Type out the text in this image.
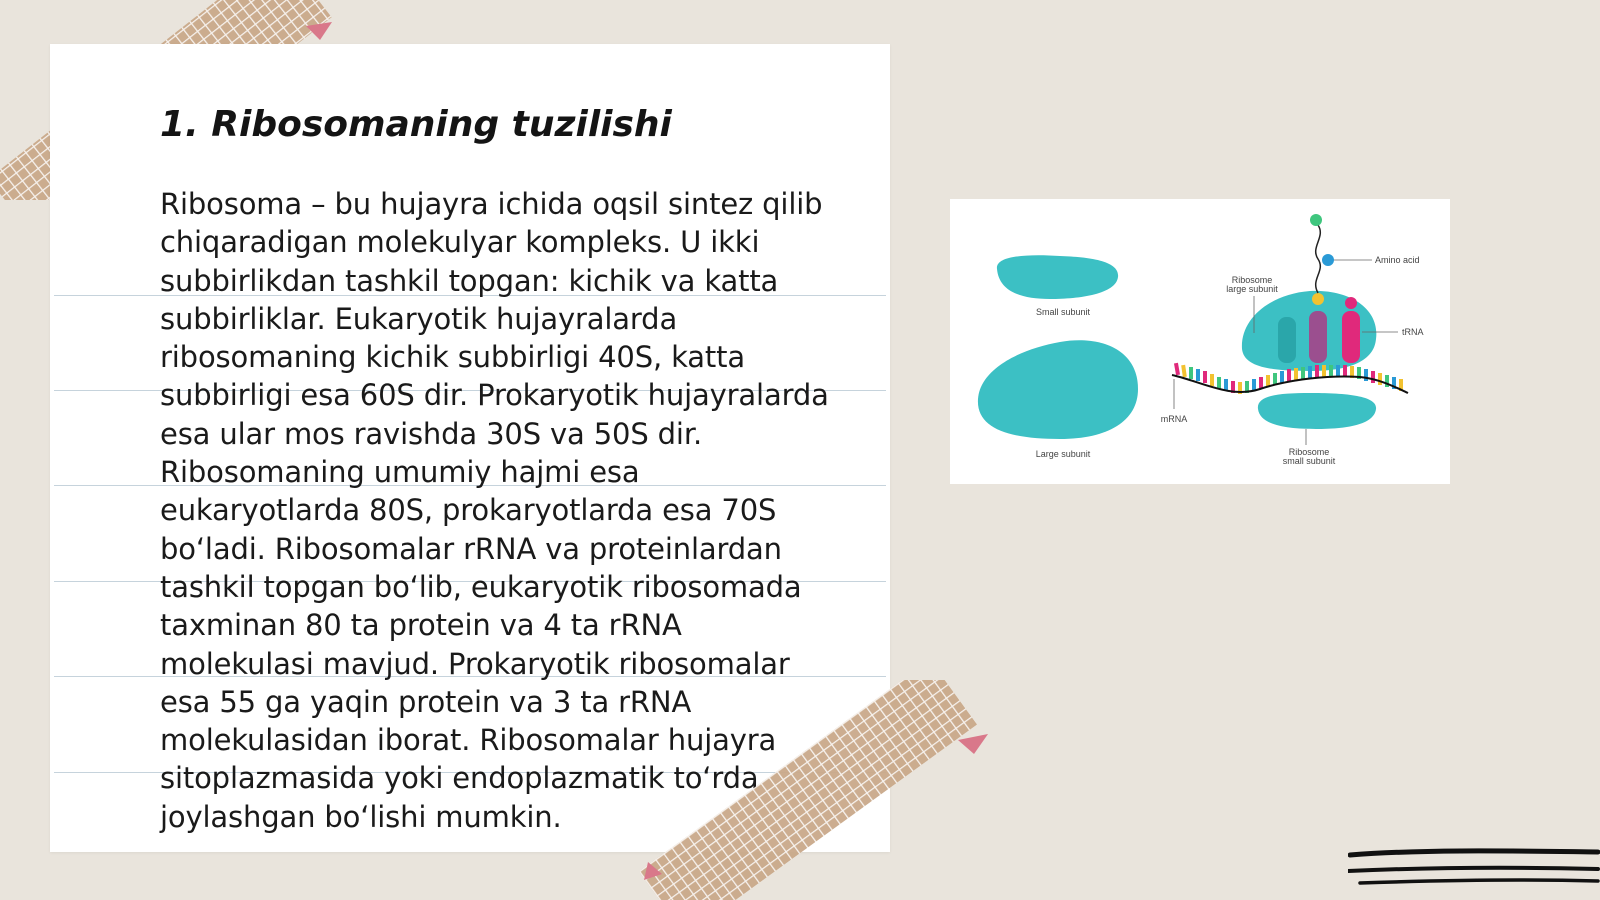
1. Ribosomaning tuzilishi

Ribosoma – bu hujayra ichida oqsil sintez qilib chiqaradigan molekulyar kompleks. U ikki subbirlikdan tashkil topgan: kichik va katta subbirliklar. Eukaryotik hujayralarda ribosomaning kichik subbirligi 40S, katta subbirligi esa 60S dir. Prokaryotik hujayralarda esa ular mos ravishda 30S va 50S dir. Ribosomaning umumiy hajmi esa eukaryotlarda 80S, prokaryotlarda esa 70S bo‘ladi. Ribosomalar rRNA va proteinlardan tashkil topgan bo‘lib, eukaryotik ribosomada taxminan 80 ta protein va 4 ta rRNA molekulasi mavjud. Prokaryotik ribosomalar esa 55 ga yaqin protein va 3 ta rRNA molekulasidan iborat. Ribosomalar hujayra sitoplazmasida yoki endoplazmatik to‘rda joylashgan bo‘lishi mumkin.

Small subunit
Large subunit
Amino acid
Ribosome
large subunit
tRNA
mRNA
Ribosome
small subunit
